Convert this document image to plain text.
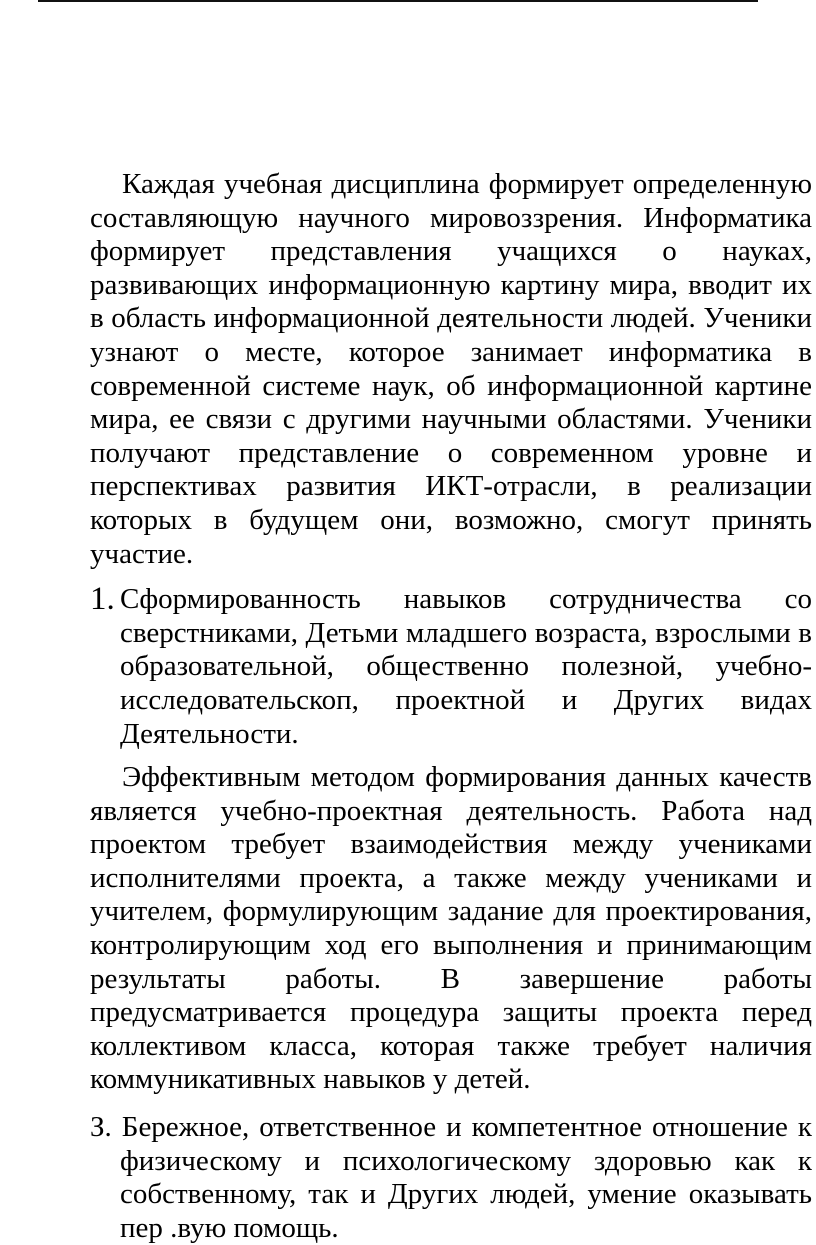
Каждая учебная дисциплина формирует определенную составляющую научного мировоззрения. Информатика формирует представления учащихся о науках, развивающих информационную картину мира, вводит их в область информационной деятельности людей. Ученики узнают о месте, которое занимает информатика в современной системе наук, об информационной картине мира, ее связи с другими научными областями. Ученики получают представление о современном уровне и перспективах развития ИКТ-отрасли, в реализации которых в будущем они, возможно, смогут принять участие.

1. Сформированность навыков сотрудничества со сверстниками, Детьми младшего возраста, взрослыми в образовательной, общественно полезной, учебно-исследовательскоп, проектной и Других видах Деятельности.

Эффективным методом формирования данных качеств является учебно-проектная деятельность. Работа над проектом требует взаимодействия между учениками исполнителями проекта, а также между учениками и учителем, формулирующим задание для проектирования, контролирующим ход его выполнения и принимающим результаты работы. В завершение работы предусматривается процедура защиты проекта перед коллективом класса, которая также требует наличия коммуникативных навыков у детей.

З. Бережное, ответственное и компетентное отношение к физическому и психологическому здоровью как к собственному, так и Других людей, умение оказывать пер .вую помощь.
